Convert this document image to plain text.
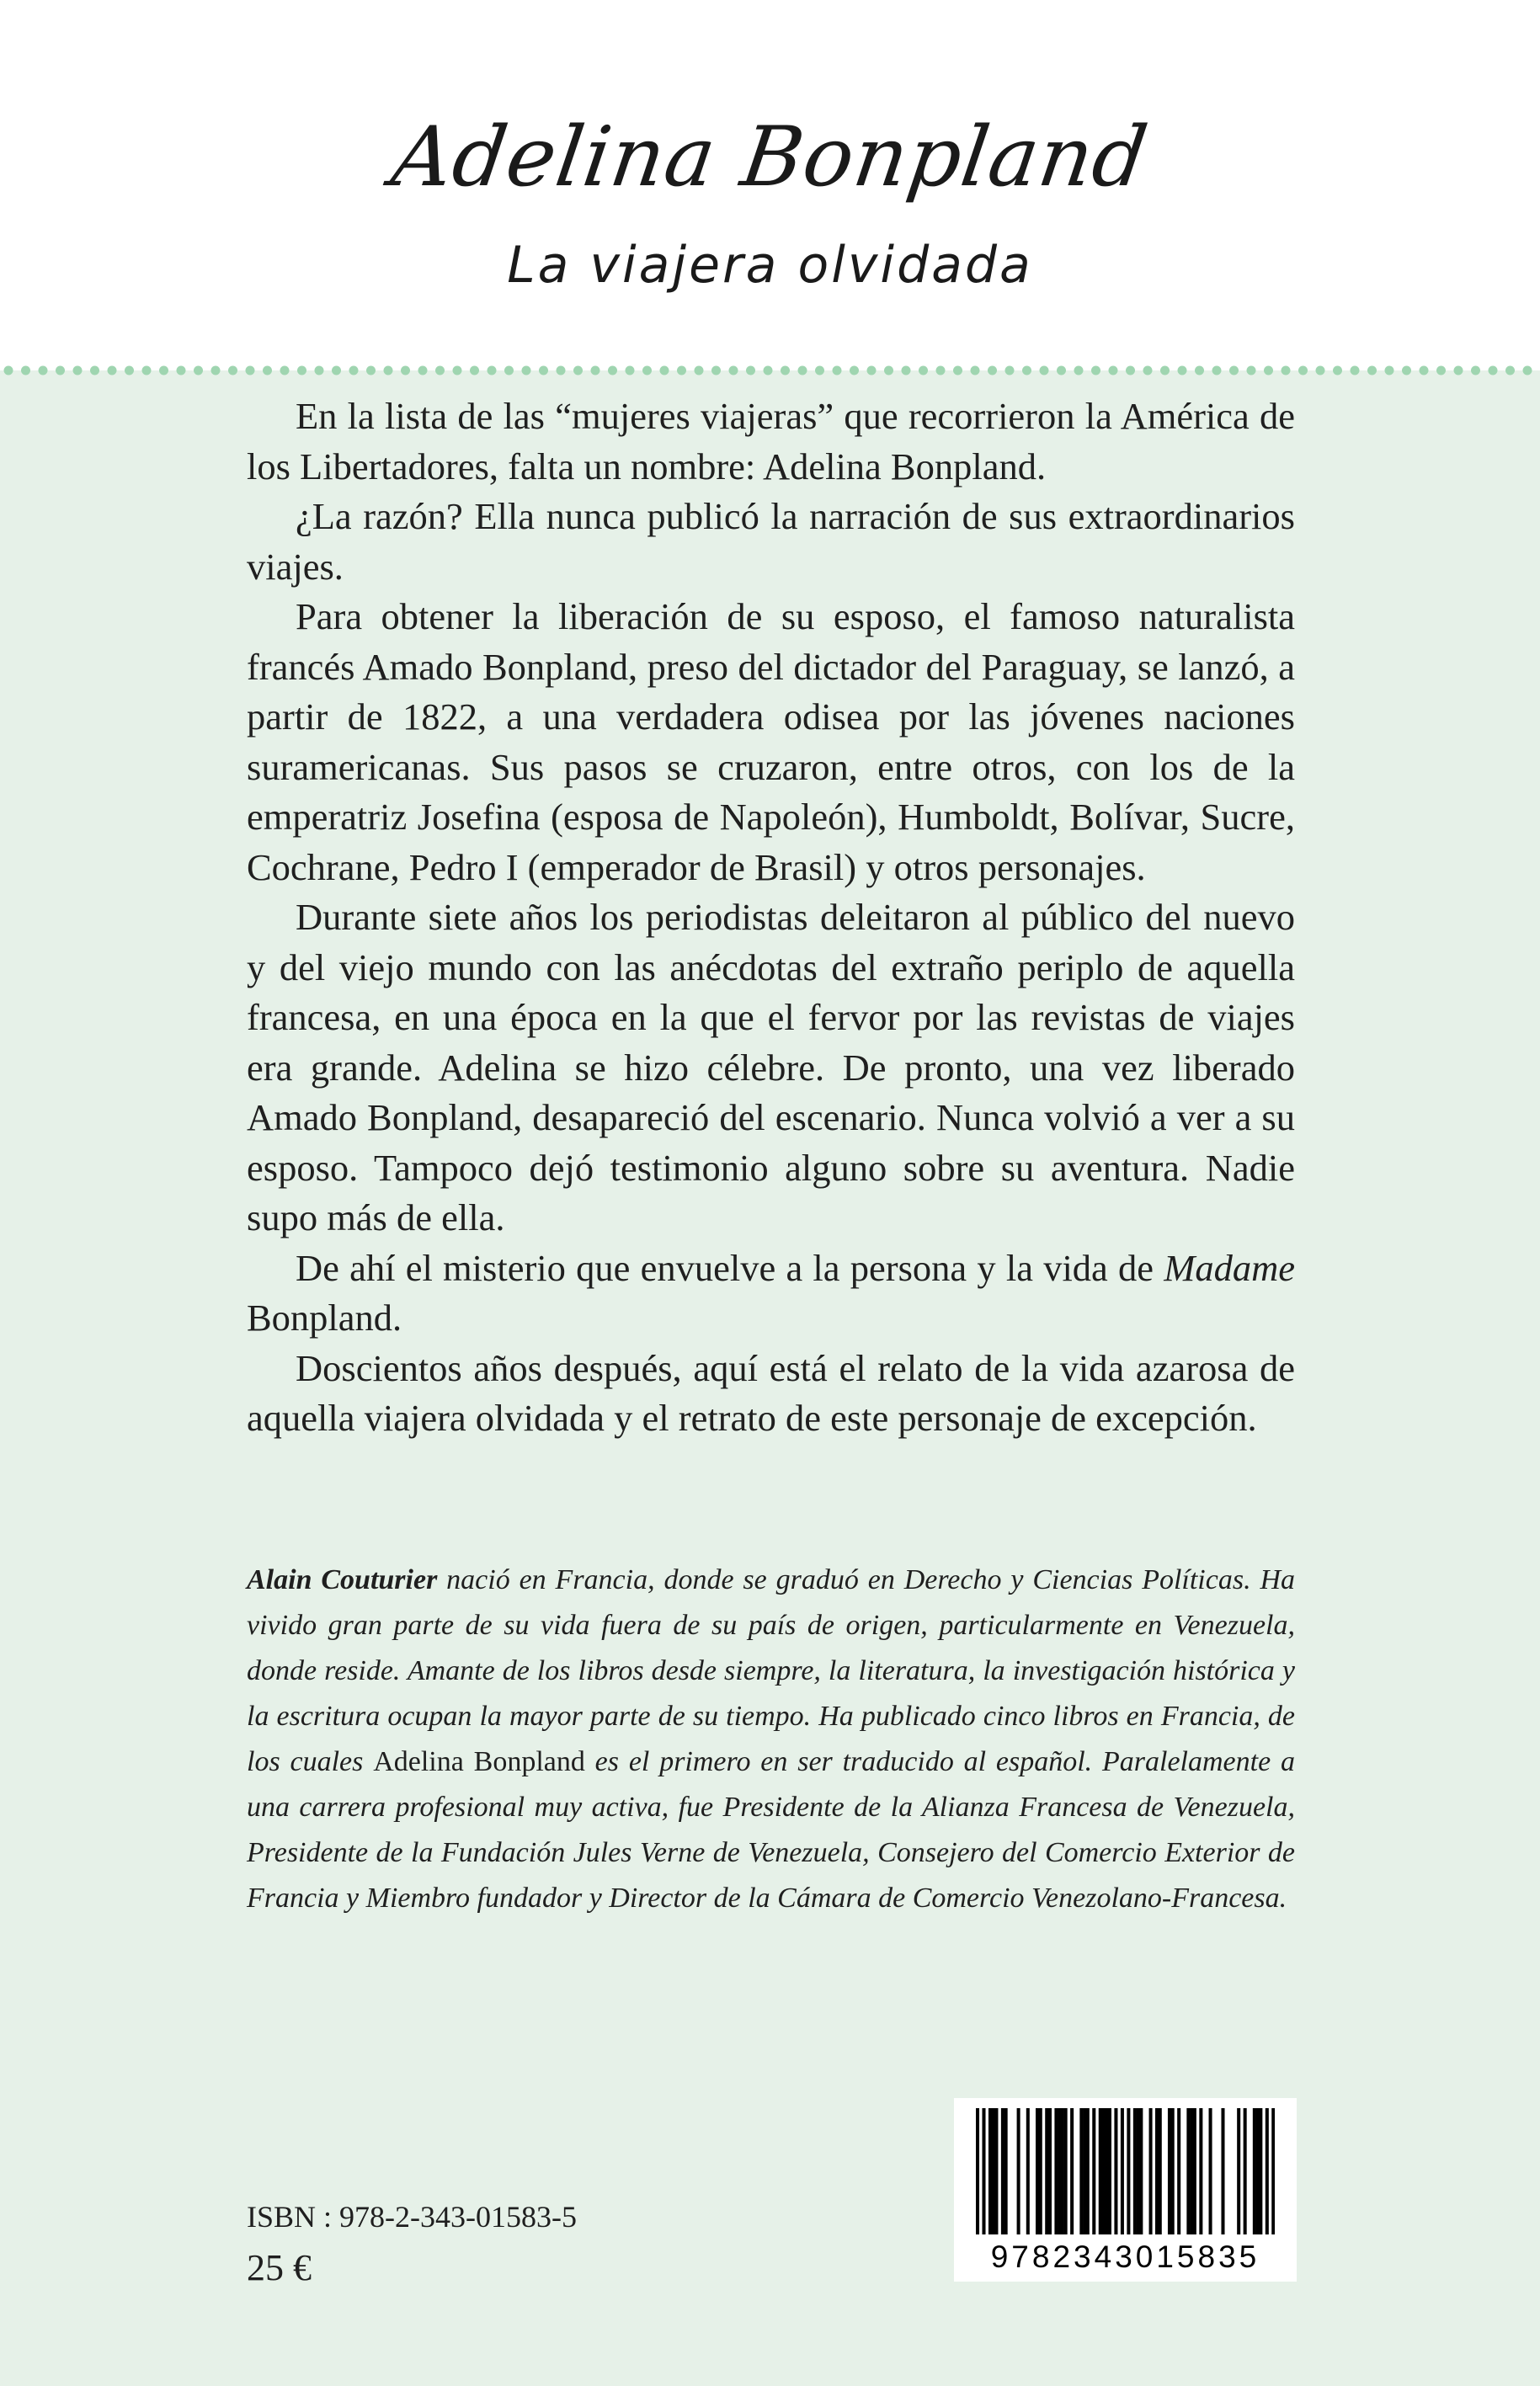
Adelina Bonpland
La viajera olvidada

En la lista de las “mujeres viajeras” que recorrieron la América de los Libertadores, falta un nombre: Adelina Bonpland.

¿La razón? Ella nunca publicó la narración de sus extraordinarios viajes.

Para obtener la liberación de su esposo, el famoso naturalista francés Amado Bonpland, preso del dictador del Paraguay, se lanzó, a partir de 1822, a una verdadera odisea por las jóvenes naciones suramericanas. Sus pasos se cruzaron, entre otros, con los de la emperatriz Josefina (esposa de Napoleón), Humboldt, Bolívar, Sucre, Cochrane, Pedro I (emperador de Brasil) y otros personajes.

Durante siete años los periodistas deleitaron al público del nuevo y del viejo mundo con las anécdotas del extraño periplo de aquella francesa, en una época en la que el fervor por las revistas de viajes era grande. Adelina se hizo célebre. De pronto, una vez liberado Amado Bonpland, desapareció del escenario. Nunca volvió a ver a su esposo. Tampoco dejó testimonio alguno sobre su aventura. Nadie supo más de ella.

De ahí el misterio que envuelve a la persona y la vida de Madame Bonpland.

Doscientos años después, aquí está el relato de la vida azarosa de aquella viajera olvidada y el retrato de este personaje de excepción.

Alain Couturier nació en Francia, donde se graduó en Derecho y Ciencias Políticas. Ha vivido gran parte de su vida fuera de su país de origen, particularmente en Venezuela, donde reside. Amante de los libros desde siempre, la literatura, la investigación histórica y la escritura ocupan la mayor parte de su tiempo. Ha publicado cinco libros en Francia, de los cuales Adelina Bonpland es el primero en ser traducido al español. Paralelamente a una carrera profesional muy activa, fue Presidente de la Alianza Francesa de Venezuela, Presidente de la Fundación Jules Verne de Venezuela, Consejero del Comercio Exterior de Francia y Miembro fundador y Director de la Cámara de Comercio Venezolano-Francesa.

ISBN : 978-2-343-01583-5

25 €	9782343015835
